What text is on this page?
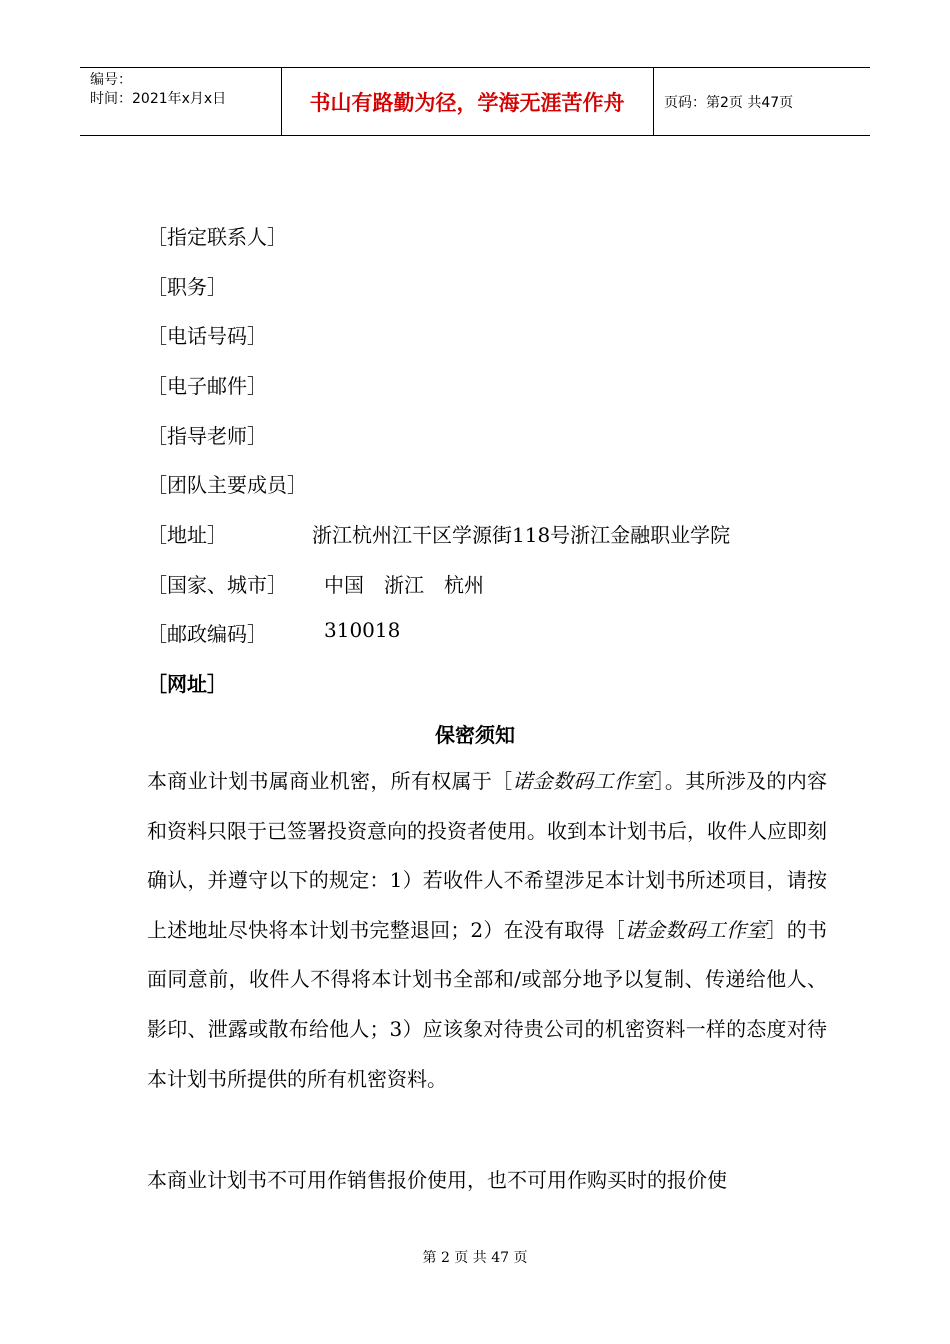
编号：
时间：2021年x月x日	书山有路勤为径，学海无涯苦作舟	页码：第2页 共47页
［指定联系人］
［职务］
［电话号码］
［电子邮件］
［指导老师］
［团队主要成员］
［地址］	浙江杭州江干区学源街118号浙江金融职业学院
［国家、城市］ 中国　浙江　杭州
［邮政编码］	310018
［网址］
保密须知
本商业计划书属商业机密，所有权属于［诺金数码工作室］。其所涉及的内容和资料只限于已签署投资意向的投资者使用。收到本计划书后，收件人应即刻确认，并遵守以下的规定：1）若收件人不希望涉足本计划书所述项目，请按上述地址尽快将本计划书完整退回；2）在没有取得［诺金数码工作室］的书面同意前，收件人不得将本计划书全部和/或部分地予以复制、传递给他人、影印、泄露或散布给他人；3）应该象对待贵公司的机密资料一样的态度对待本计划书所提供的所有机密资料。
本商业计划书不可用作销售报价使用，也不可用作购买时的报价使
第 2 页 共 47 页
